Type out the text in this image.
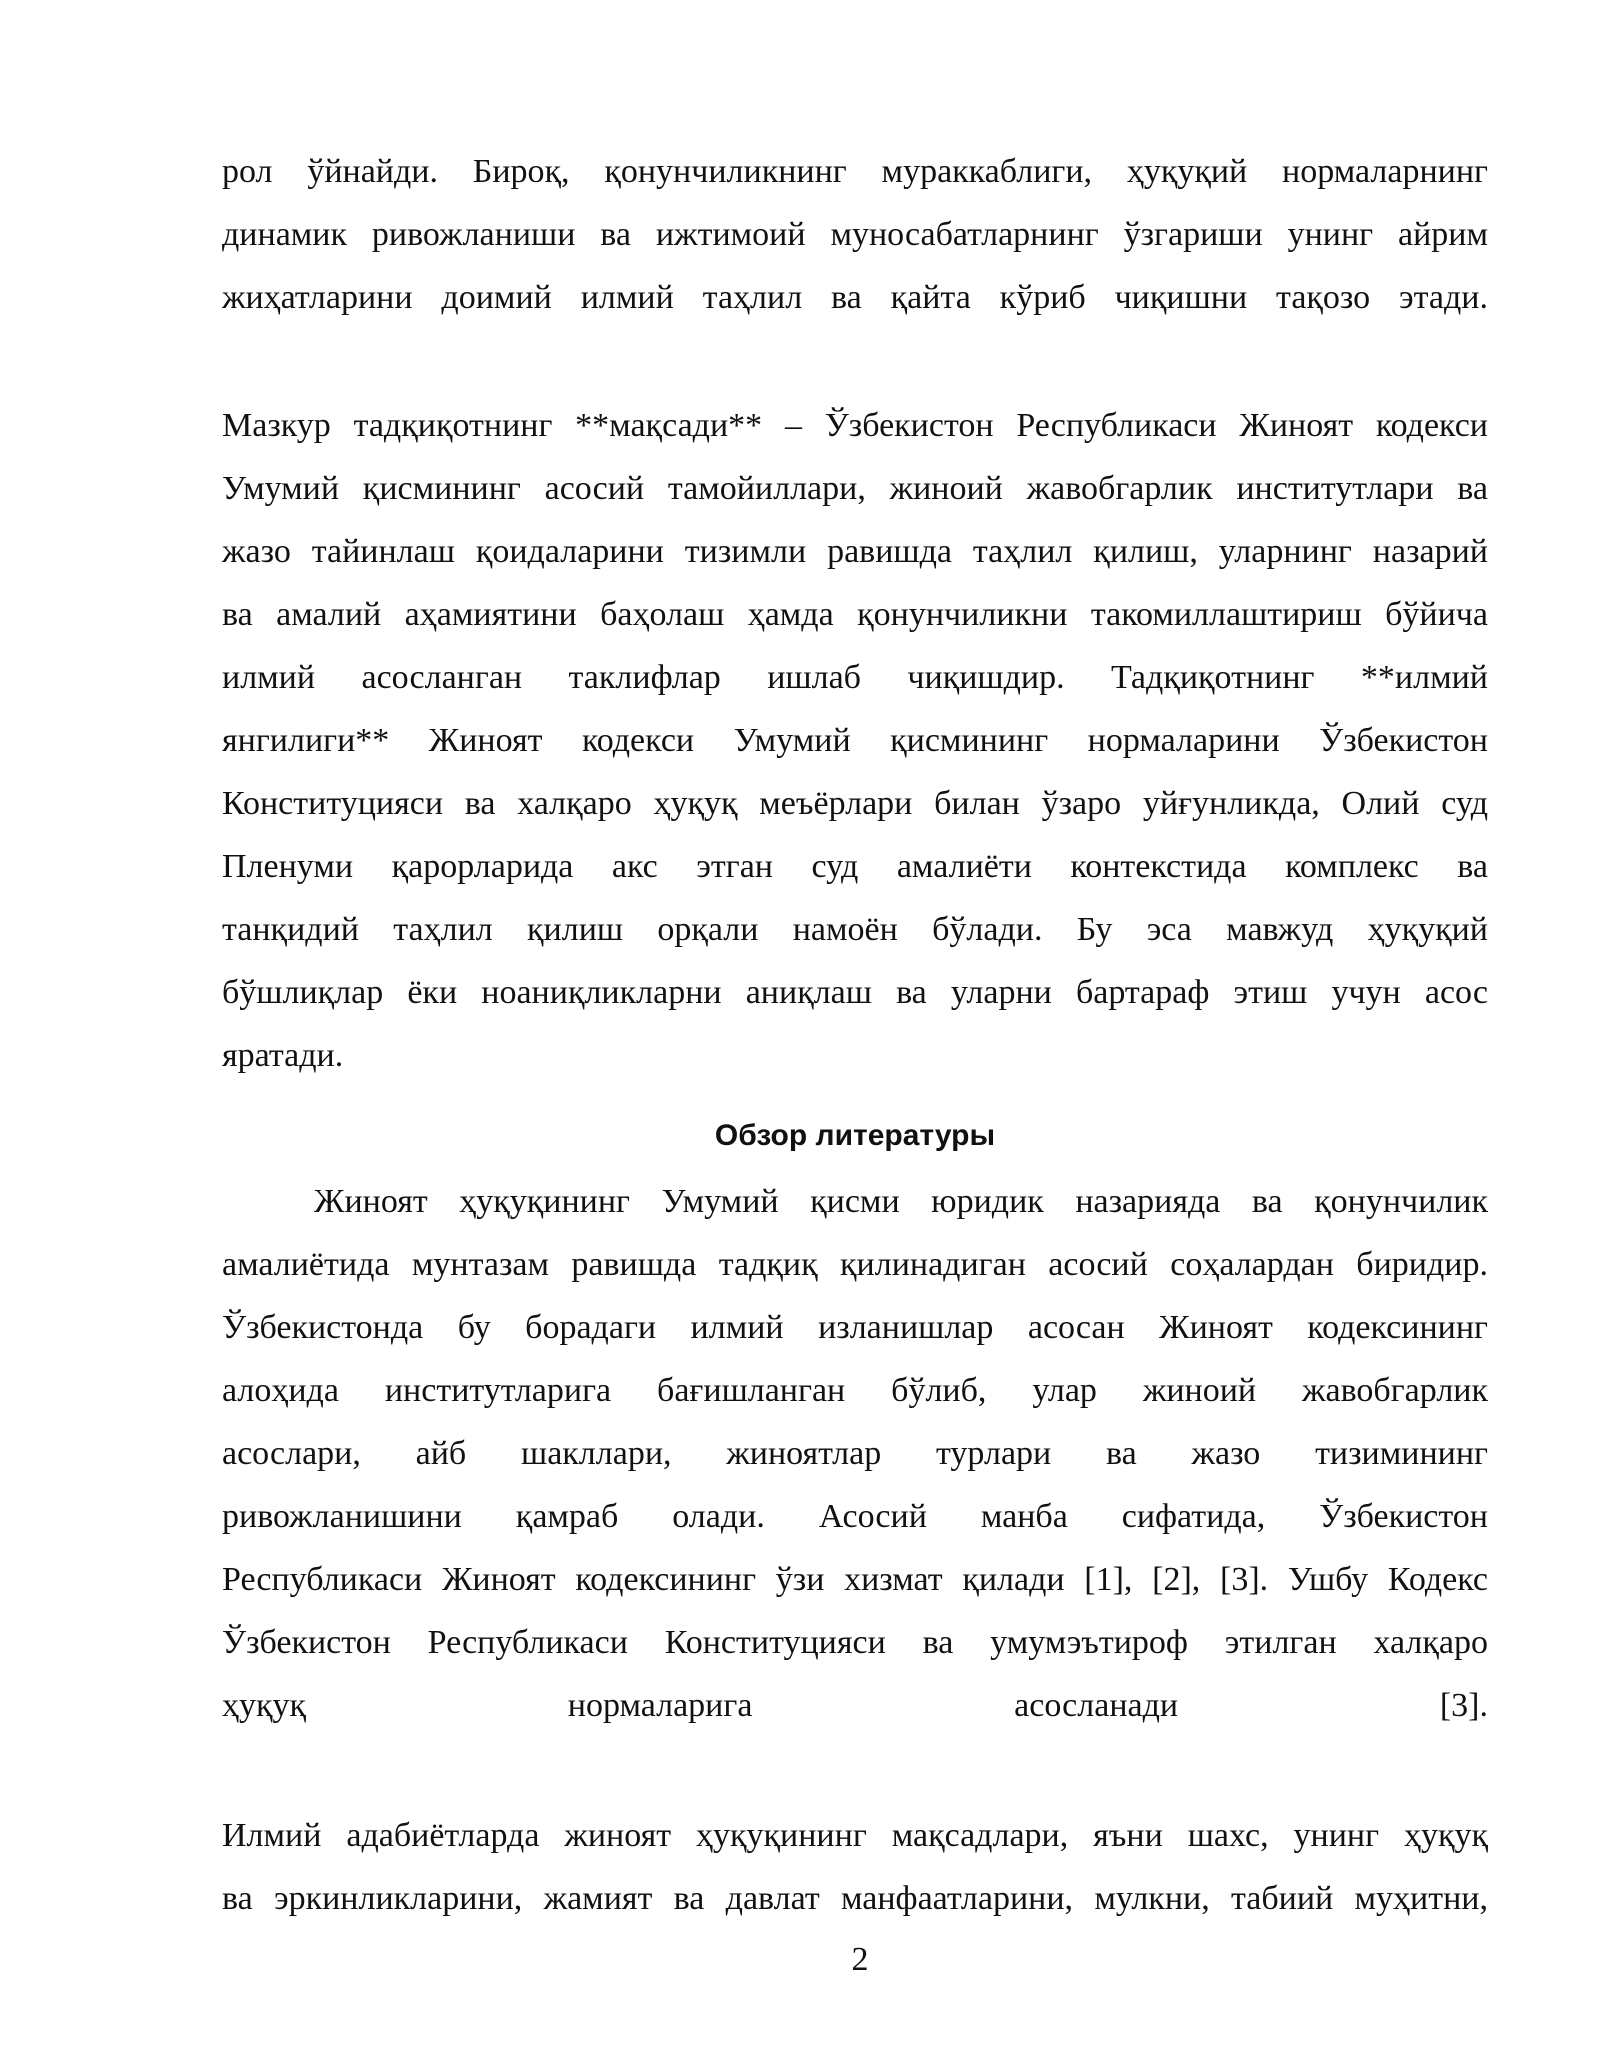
рол ўйнайди. Бироқ, қонунчиликнинг мураккаблиги, ҳуқуқий нормаларнинг
динамик ривожланиши ва ижтимоий муносабатларнинг ўзгариши унинг айрим
жиҳатларини доимий илмий таҳлил ва қайта кўриб чиқишни тақозо этади.
Мазкур тадқиқотнинг **мақсади** – Ўзбекистон Республикаси Жиноят кодекси
Умумий қисмининг асосий тамойиллари, жиноий жавобгарлик институтлари ва
жазо тайинлаш қоидаларини тизимли равишда таҳлил қилиш, уларнинг назарий
ва амалий аҳамиятини баҳолаш ҳамда қонунчиликни такомиллаштириш бўйича
илмий асосланган таклифлар ишлаб чиқишдир. Тадқиқотнинг **илмий
янгилиги** Жиноят кодекси Умумий қисмининг нормаларини Ўзбекистон
Конституцияси ва халқаро ҳуқуқ меъёрлари билан ўзаро уйғунликда, Олий суд
Пленуми қарорларида акс этган суд амалиёти контекстида комплекс ва
танқидий таҳлил қилиш орқали намоён бўлади. Бу эса мавжуд ҳуқуқий
бўшлиқлар ёки ноаниқликларни аниқлаш ва уларни бартараф этиш учун асос
яратади.
Обзор литературы
Жиноят ҳуқуқининг Умумий қисми юридик назарияда ва қонунчилик
амалиётида мунтазам равишда тадқиқ қилинадиган асосий соҳалардан биридир.
Ўзбекистонда бу борадаги илмий изланишлар асосан Жиноят кодексининг
алоҳида институтларига бағишланган бўлиб, улар жиноий жавобгарлик
асослари, айб шакллари, жиноятлар турлари ва жазо тизимининг
ривожланишини қамраб олади. Асосий манба сифатида, Ўзбекистон
Республикаси Жиноят кодексининг ўзи хизмат қилади [1], [2], [3]. Ушбу Кодекс
Ўзбекистон Республикаси Конституцияси ва умумэътироф этилган халқаро
ҳуқуқ	нормаларига	асосланади	[3].
Илмий адабиётларда жиноят ҳуқуқининг мақсадлари, яъни шахс, унинг ҳуқуқ
ва эркинликларини, жамият ва давлат манфаатларини, мулкни, табиий муҳитни,
2
